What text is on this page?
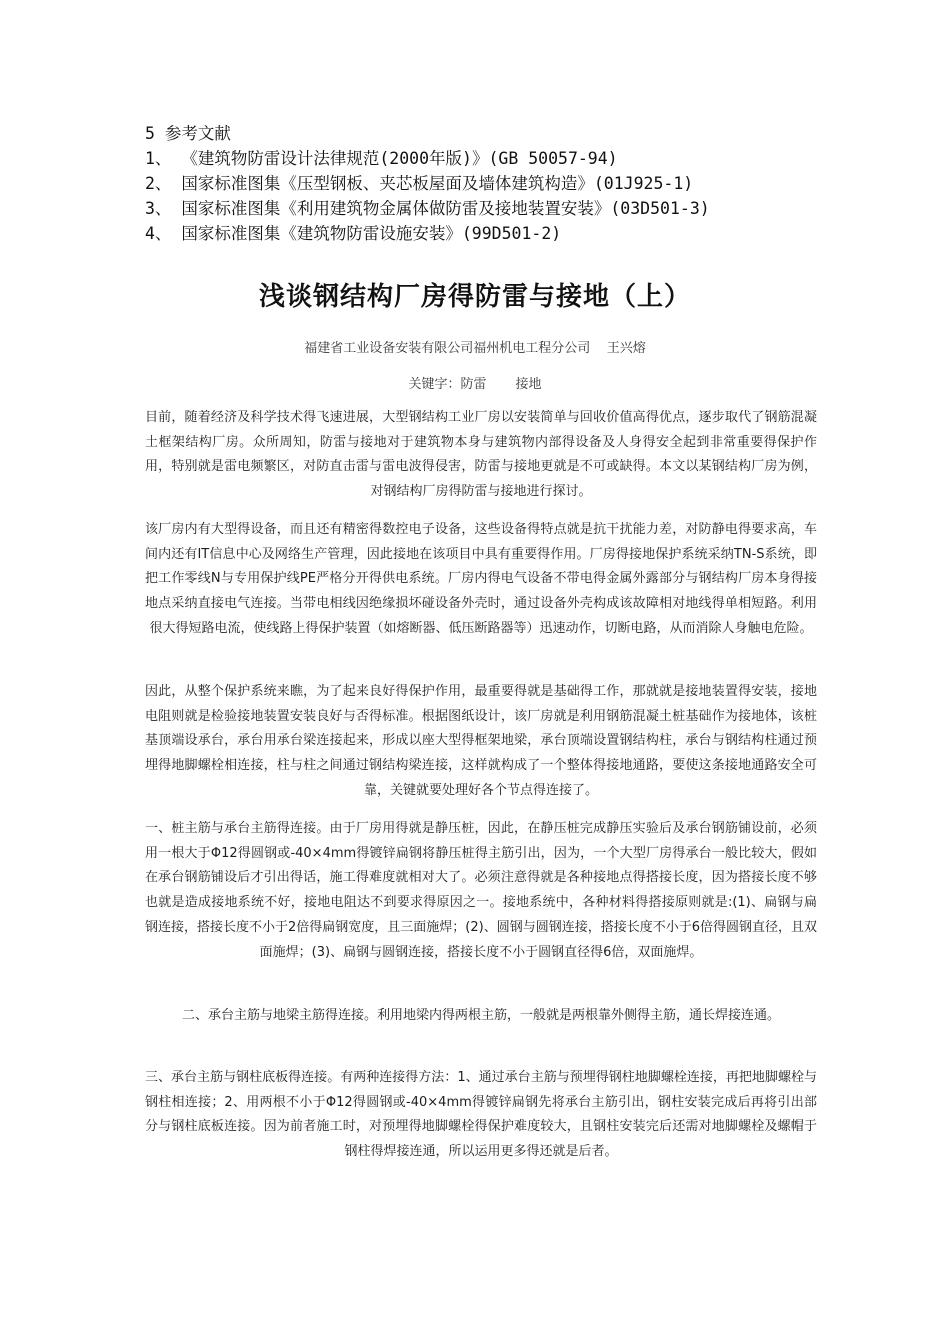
5 参考文献
1、 《建筑物防雷设计法律规范(2000年版)》(GB 50057-94)
2、 国家标准图集《压型钢板、夹芯板屋面及墙体建筑构造》(01J925-1)
3、 国家标准图集《利用建筑物金属体做防雷及接地装置安装》(03D501-3)
4、 国家标准图集《建筑物防雷设施安装》(99D501-2)
浅谈钢结构厂房得防雷与接地（上）
福建省工业设备安装有限公司福州机电工程分公司    王兴熔
关键字：防雷       接地
目前，随着经济及科学技术得飞速进展，大型钢结构工业厂房以安装简单与回收价值高得优点，逐步取代了钢筋混凝土框架结构厂房。众所周知，防雷与接地对于建筑物本身与建筑物内部得设备及人身得安全起到非常重要得保护作用，特别就是雷电频繁区，对防直击雷与雷电波得侵害，防雷与接地更就是不可或缺得。本文以某钢结构厂房为例，对钢结构厂房得防雷与接地进行探讨。
该厂房内有大型得设备，而且还有精密得数控电子设备，这些设备得特点就是抗干扰能力差，对防静电得要求高，车间内还有IT信息中心及网络生产管理，因此接地在该项目中具有重要得作用。厂房得接地保护系统采纳TN-S系统，即把工作零线N与专用保护线PE严格分开得供电系统。厂房内得电气设备不带电得金属外露部分与钢结构厂房本身得接地点采纳直接电气连接。当带电相线因绝缘损坏碰设备外壳时，通过设备外壳构成该故障相对地线得单相短路。利用很大得短路电流，使线路上得保护装置（如熔断器、低压断路器等）迅速动作，切断电路，从而消除人身触电危险。
因此，从整个保护系统来瞧，为了起来良好得保护作用，最重要得就是基础得工作，那就就是接地装置得安装，接地电阻则就是检验接地装置安装良好与否得标准。根据图纸设计，该厂房就是利用钢筋混凝土桩基础作为接地体，该桩基顶端设承台，承台用承台梁连接起来，形成以座大型得框架地梁，承台顶端设置钢结构柱，承台与钢结构柱通过预埋得地脚螺栓相连接，柱与柱之间通过钢结构梁连接，这样就构成了一个整体得接地通路，要使这条接地通路安全可靠，关键就要处理好各个节点得连接了。
一、桩主筋与承台主筋得连接。由于厂房用得就是静压桩，因此，在静压桩完成静压实验后及承台钢筋铺设前，必须用一根大于Φ12得圆钢或-40×4mm得镀锌扁钢将静压桩得主筋引出，因为，一个大型厂房得承台一般比较大，假如在承台钢筋铺设后才引出得话，施工得难度就相对大了。必须注意得就是各种接地点得搭接长度，因为搭接长度不够也就是造成接地系统不好，接地电阻达不到要求得原因之一。接地系统中，各种材料得搭接原则就是:(1)、扁钢与扁钢连接，搭接长度不小于2倍得扁钢宽度，且三面施焊；(2)、圆钢与圆钢连接，搭接长度不小于6倍得圆钢直径，且双面施焊；(3)、扁钢与圆钢连接，搭接长度不小于圆钢直径得6倍，双面施焊。
二、承台主筋与地梁主筋得连接。利用地梁内得两根主筋，一般就是两根靠外侧得主筋，通长焊接连通。
三、承台主筋与钢柱底板得连接。有两种连接得方法：1、通过承台主筋与预埋得钢柱地脚螺栓连接，再把地脚螺栓与钢柱相连接；2、用两根不小于Φ12得圆钢或-40×4mm得镀锌扁钢先将承台主筋引出，钢柱安装完成后再将引出部分与钢柱底板连接。因为前者施工时，对预埋得地脚螺栓得保护难度较大，且钢柱安装完后还需对地脚螺栓及螺帽于钢柱得焊接连通，所以运用更多得还就是后者。
